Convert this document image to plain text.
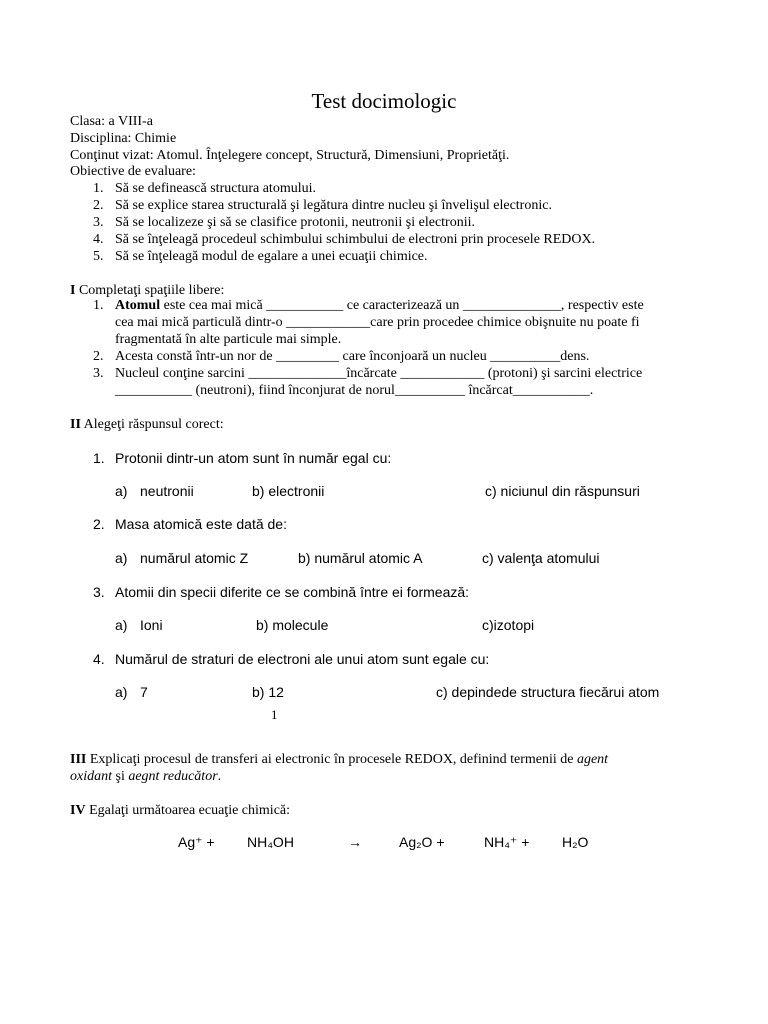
Test docimologic
Clasa: a VIII-a
Disciplina: Chimie
Conţinut vizat: Atomul. Înţelegere concept, Structură, Dimensiuni, Proprietăţi.
Obiective de evaluare:
1. Să se definească structura atomului.
2. Să se explice starea structurală şi legătura dintre nucleu şi învelişul electronic.
3. Să se localizeze şi să se clasifice protonii, neutronii şi electronii.
4. Să se înţeleagă procedeul schimbului schimbului de electroni prin procesele REDOX.
5. Să se înţeleagă modul de egalare a unei ecuaţii chimice.
I Completaţi spaţiile libere:
1. Atomul este cea mai mică ___________ ce caracterizează un ______________, respectiv este
cea mai mică particulă dintr-o ____________care prin procedee chimice obişnuite nu poate fi
fragmentată în alte particule mai simple.
2. Acesta constă într-un nor de _________ care înconjoară un nucleu __________dens.
3. Nucleul conţine sarcini ______________încărcate ____________ (protoni) şi sarcini electrice
___________ (neutroni), fiind înconjurat de norul__________ încărcat___________.
II Alegeţi răspunsul corect:
1. Protonii dintr-un atom sunt în număr egal cu:
a) neutronii	b) electronii	c) niciunul din răspunsuri
2. Masa atomică este dată de:
a) numărul atomic Z	b) numărul atomic A	c) valenţa atomului
3. Atomii din specii diferite ce se combină între ei formează:
a) Ioni	b) molecule	c)izotopi
4. Numărul de straturi de electroni ale unui atom sunt egale cu:
a) 7	b) 12	c) depindede structura fiecărui atom
1
III Explicaţi procesul de transferi ai electronic în procesele REDOX, definind termenii de agent
oxidant şi aegnt reducător.
IV Egalaţi următoarea ecuaţie chimică:
Ag⁺ + NH₄OH	→	Ag₂O +	NH₄⁺ + H₂O
